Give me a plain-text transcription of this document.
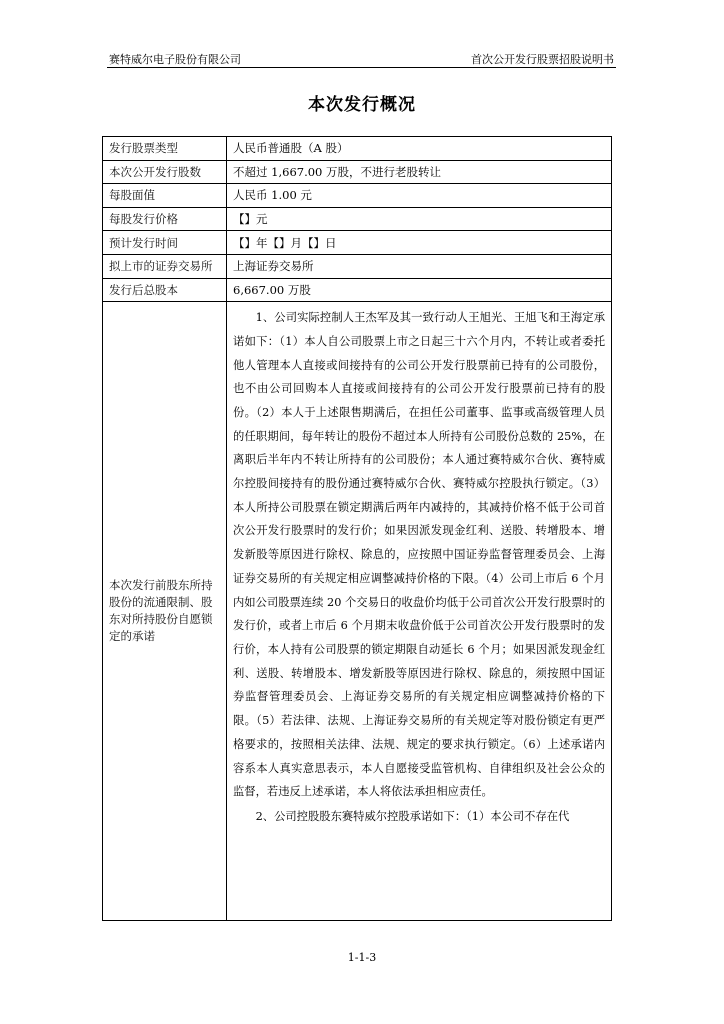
赛特威尔电子股份有限公司	首次公开发行股票招股说明书
本次发行概况
发行股票类型	人民币普通股（A 股）
本次公开发行股数	不超过 1,667.00 万股，不进行老股转让
每股面值	人民币 1.00 元
每股发行价格	【】元
预计发行时间	【】年【】月【】日
拟上市的证券交易所	上海证券交易所
发行后总股本	6,667.00 万股

本次发行前股东所持股份的流通限制、股东对所持股份自愿锁定的承诺	1、公司实际控制人王杰军及其一致行动人王旭光、王旭飞和王海定承诺如下：（1）本人自公司股票上市之日起三十六个月内，不转让或者委托他人管理本人直接或间接持有的公司公开发行股票前已持有的公司股份，也不由公司回购本人直接或间接持有的公司公开发行股票前已持有的股份。（2）本人于上述限售期满后，在担任公司董事、监事或高级管理人员的任职期间，每年转让的股份不超过本人所持有公司股份总数的 25%，在离职后半年内不转让所持有的公司股份；本人通过赛特威尔合伙、赛特威尔控股间接持有的股份通过赛特威尔合伙、赛特威尔控股执行锁定。（3）本人所持公司股票在锁定期满后两年内减持的，其减持价格不低于公司首次公开发行股票时的发行价；如果因派发现金红利、送股、转增股本、增发新股等原因进行除权、除息的，应按照中国证券监督管理委员会、上海证券交易所的有关规定相应调整减持价格的下限。（4）公司上市后 6 个月内如公司股票连续 20 个交易日的收盘价均低于公司首次公开发行股票时的发行价，或者上市后 6 个月期末收盘价低于公司首次公开发行股票时的发行价，本人持有公司股票的锁定期限自动延长 6 个月；如果因派发现金红利、送股、转增股本、增发新股等原因进行除权、除息的，须按照中国证券监督管理委员会、上海证券交易所的有关规定相应调整减持价格的下限。（5）若法律、法规、上海证券交易所的有关规定等对股份锁定有更严格要求的，按照相关法律、法规、规定的要求执行锁定。（6）上述承诺内容系本人真实意思表示，本人自愿接受监管机构、自律组织及社会公众的监督，若违反上述承诺，本人将依法承担相应责任。

2、公司控股股东赛特威尔控股承诺如下：（1）本公司不存在代

1-1-3
